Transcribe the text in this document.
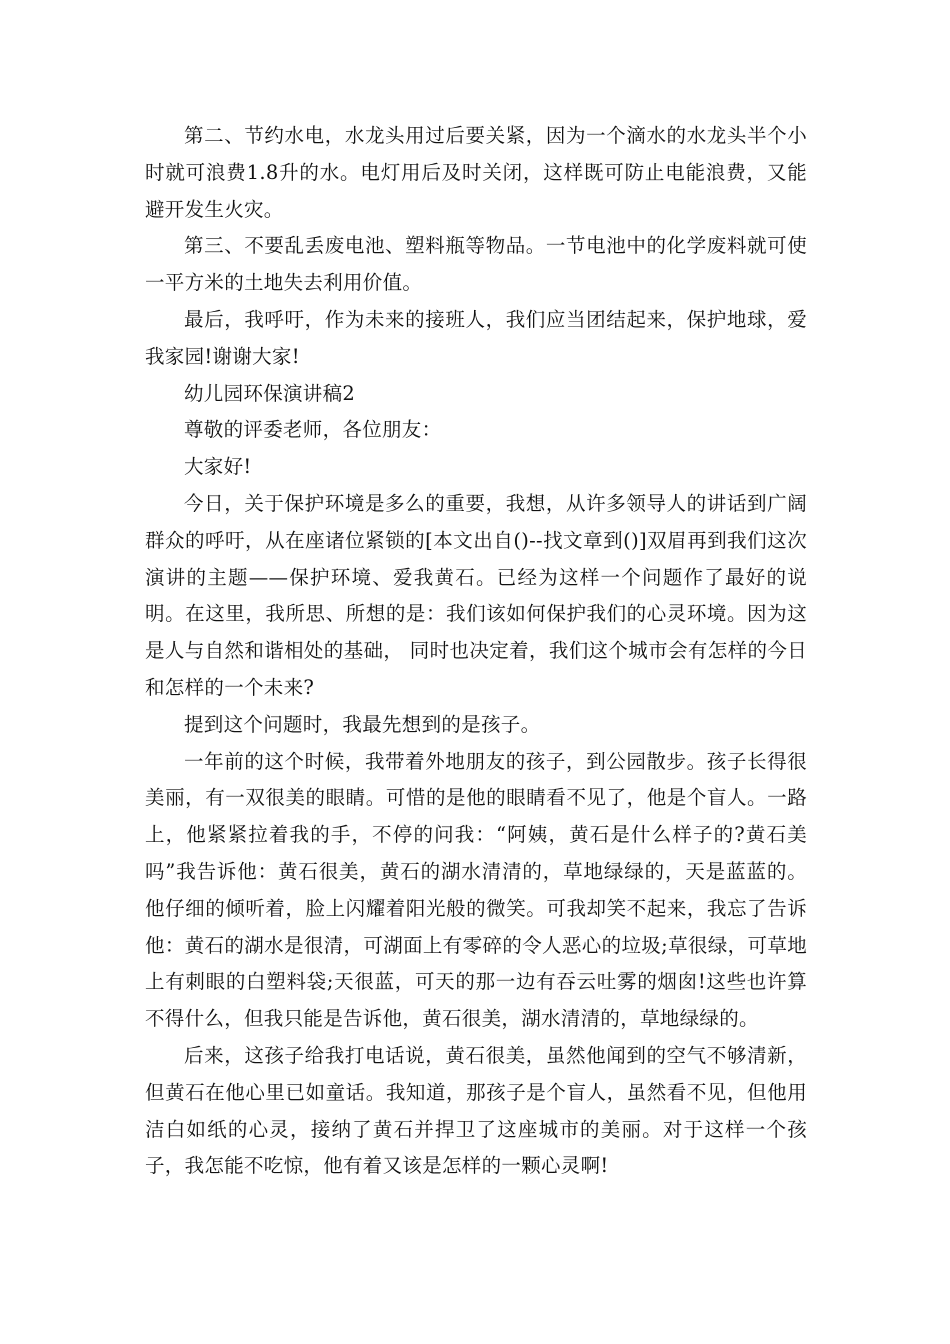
第二、节约水电，水龙头用过后要关紧，因为一个滴水的水龙头半个小时就可浪费1.8升的水。电灯用后及时关闭，这样既可防止电能浪费，又能避开发生火灾。

第三、不要乱丢废电池、塑料瓶等物品。一节电池中的化学废料就可使一平方米的土地失去利用价值。

最后，我呼吁，作为未来的接班人，我们应当团结起来，保护地球，爱我家园!谢谢大家!

幼儿园环保演讲稿2

尊敬的评委老师，各位朋友：

大家好!

今日，关于保护环境是多么的重要，我想，从许多领导人的讲话到广阔群众的呼吁，从在座诸位紧锁的[本文出自()--找文章到()]双眉再到我们这次演讲的主题——保护环境、爱我黄石。已经为这样一个问题作了最好的说明。在这里，我所思、所想的是：我们该如何保护我们的心灵环境。因为这是人与自然和谐相处的基础， 同时也决定着，我们这个城市会有怎样的今日和怎样的一个未来?

提到这个问题时，我最先想到的是孩子。

一年前的这个时候，我带着外地朋友的孩子，到公园散步。孩子长得很美丽，有一双很美的眼睛。可惜的是他的眼睛看不见了，他是个盲人。一路上，他紧紧拉着我的手，不停的问我：“阿姨，黄石是什么样子的?黄石美吗”我告诉他：黄石很美，黄石的湖水清清的，草地绿绿的，天是蓝蓝的。他仔细的倾听着，脸上闪耀着阳光般的微笑。可我却笑不起来，我忘了告诉他：黄石的湖水是很清，可湖面上有零碎的令人恶心的垃圾;草很绿，可草地上有刺眼的白塑料袋;天很蓝，可天的那一边有吞云吐雾的烟囱!这些也许算不得什么，但我只能是告诉他，黄石很美，湖水清清的，草地绿绿的。

后来，这孩子给我打电话说，黄石很美，虽然他闻到的空气不够清新，但黄石在他心里已如童话。我知道，那孩子是个盲人，虽然看不见，但他用洁白如纸的心灵，接纳了黄石并捍卫了这座城市的美丽。对于这样一个孩子，我怎能不吃惊，他有着又该是怎样的一颗心灵啊!
